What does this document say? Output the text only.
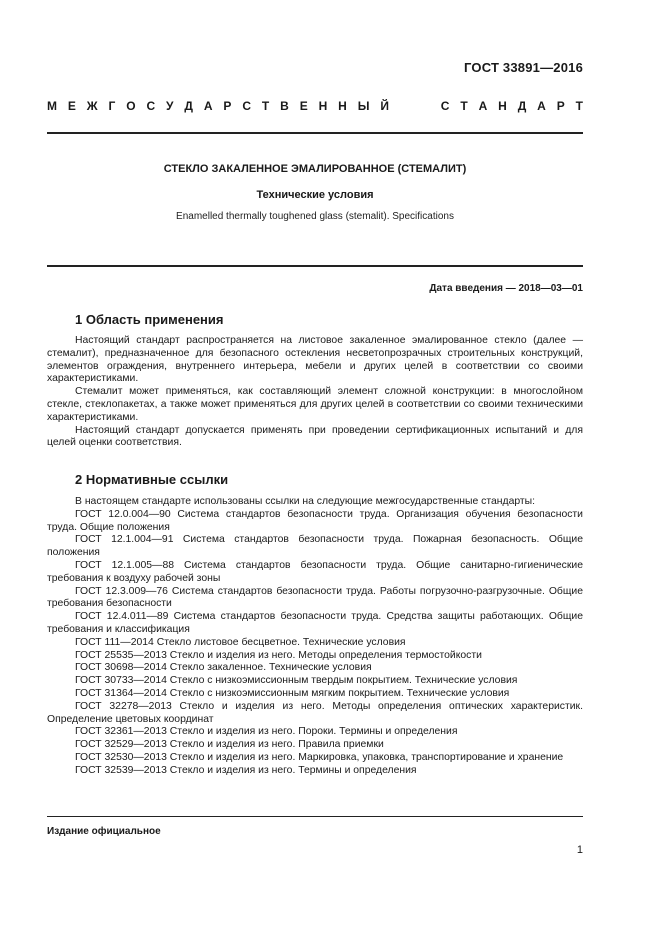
ГОСТ 33891—2016
М Е Ж Г О С У Д А Р С Т В Е Н Н Ы Й	С Т А Н Д А Р Т
СТЕКЛО ЗАКАЛЕННОЕ ЭМАЛИРОВАННОЕ (СТЕМАЛИТ)
Технические условия
Enamelled thermally toughened glass (stemalit). Specifications
Дата введения — 2018—03—01
1 Область применения

Настоящий стандарт распространяется на листовое закаленное эмалированное стекло (далее — стемалит), предназначенное для безопасного остекления несветопрозрачных строительных конструкций, элементов ограждения, внутреннего интерьера, мебели и других целей в соответствии со своими характеристиками.

Стемалит может применяться, как составляющий элемент сложной конструкции: в многослойном стекле, стеклопакетах, а также может применяться для других целей в соответствии со своими техническими характеристиками.

Настоящий стандарт допускается применять при проведении сертификационных испытаний и для целей оценки соответствия.

2 Нормативные ссылки

В настоящем стандарте использованы ссылки на следующие межгосударственные стандарты:

ГОСТ 12.0.004—90 Система стандартов безопасности труда. Организация обучения безопасности труда. Общие положения

ГОСТ 12.1.004—91 Система стандартов безопасности труда. Пожарная безопасность. Общие положения

ГОСТ 12.1.005—88 Система стандартов безопасности труда. Общие санитарно-гигиенические требования к воздуху рабочей зоны

ГОСТ 12.3.009—76 Система стандартов безопасности труда. Работы погрузочно-разгрузочные. Общие требования безопасности

ГОСТ 12.4.011—89 Система стандартов безопасности труда. Средства защиты работающих. Общие требования и классификация

ГОСТ 111—2014 Стекло листовое бесцветное. Технические условия

ГОСТ 25535—2013 Стекло и изделия из него. Методы определения термостойкости

ГОСТ 30698—2014 Стекло закаленное. Технические условия

ГОСТ 30733—2014 Стекло с низкоэмиссионным твердым покрытием. Технические условия

ГОСТ 31364—2014 Стекло с низкоэмиссионным мягким покрытием. Технические условия

ГОСТ 32278—2013 Стекло и изделия из него. Методы определения оптических характеристик. Определение цветовых координат

ГОСТ 32361—2013 Стекло и изделия из него. Пороки. Термины и определения

ГОСТ 32529—2013 Стекло и изделия из него. Правила приемки

ГОСТ 32530—2013 Стекло и изделия из него. Маркировка, упаковка, транспортирование и хранение

ГОСТ 32539—2013 Стекло и изделия из него. Термины и определения

Издание официальное
1
